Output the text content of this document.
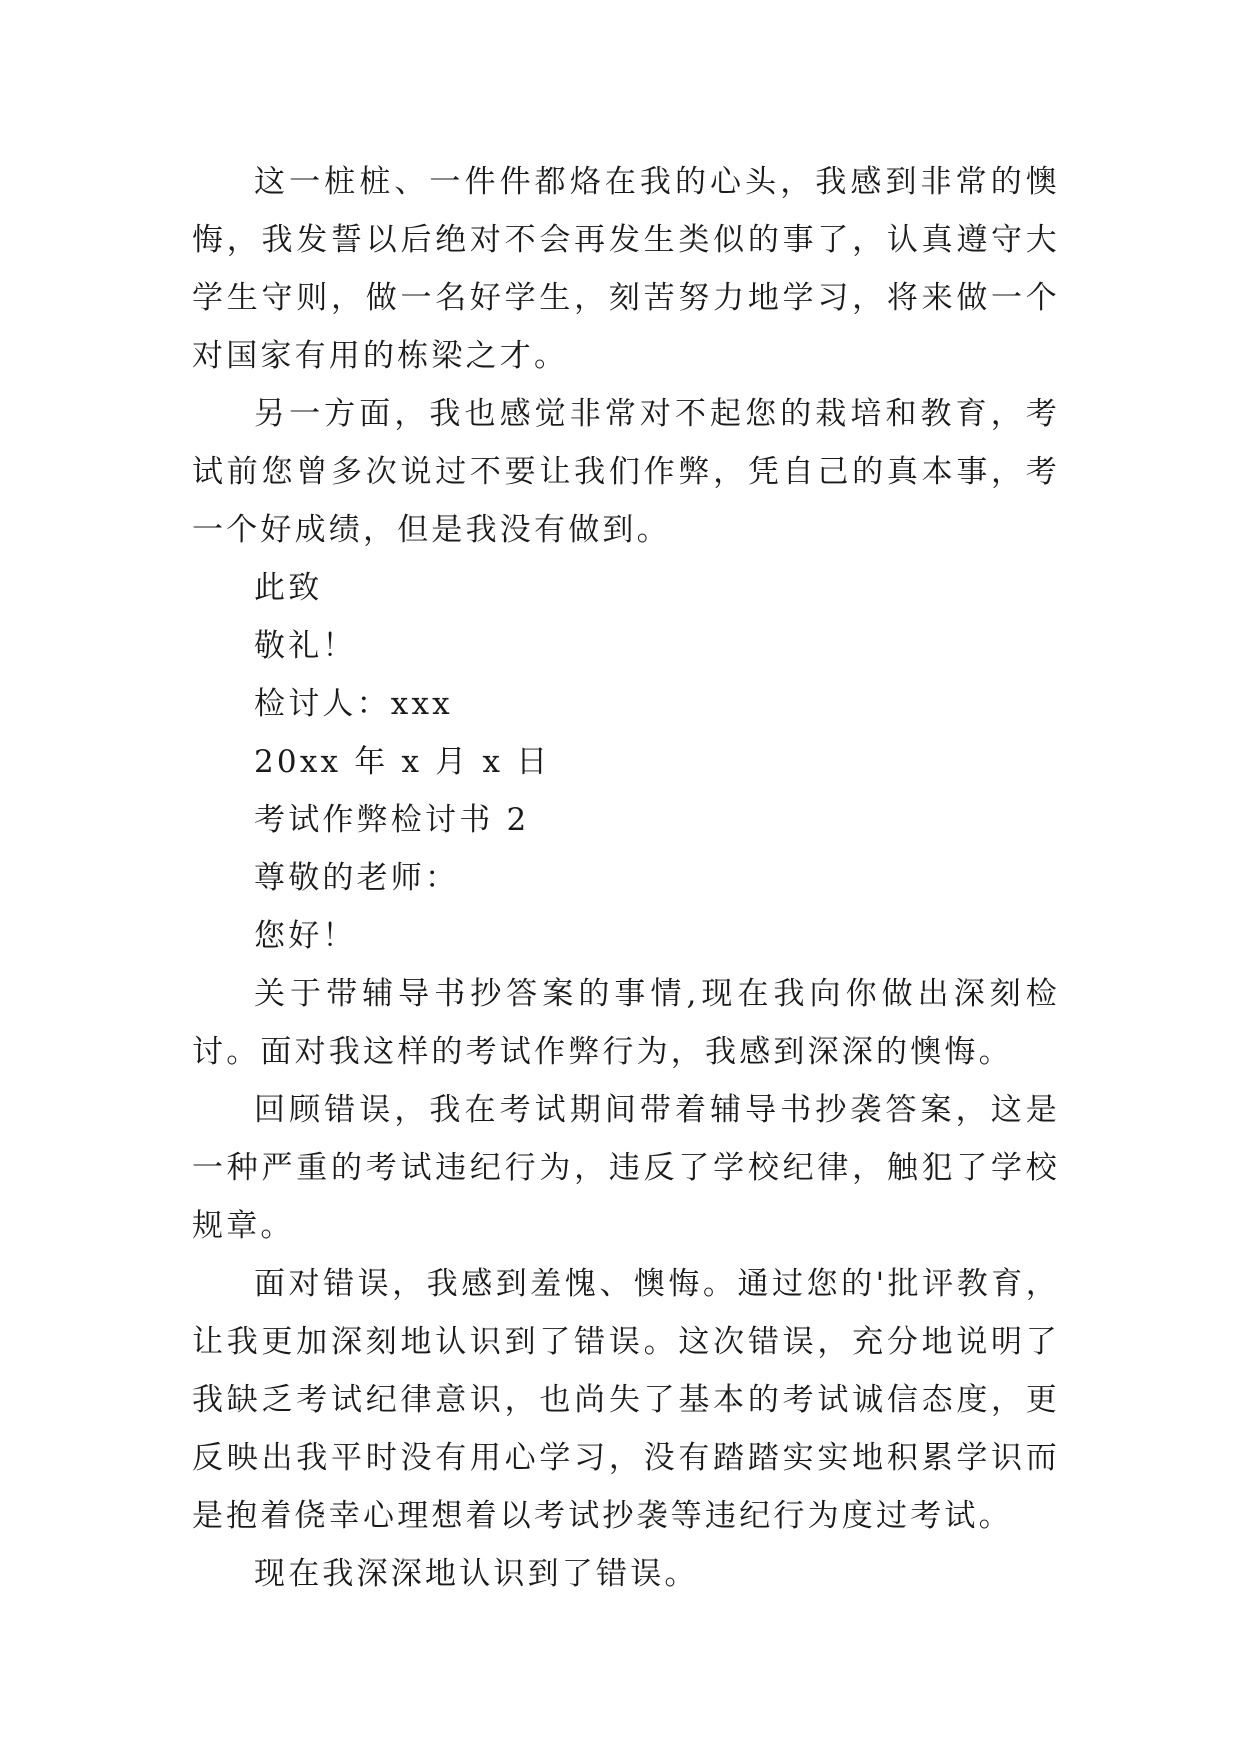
这一桩桩、一件件都烙在我的心头，我感到非常的懊悔，我发誓以后绝对不会再发生类似的事了，认真遵守大学生守则，做一名好学生，刻苦努力地学习，将来做一个对国家有用的栋梁之才。

另一方面，我也感觉非常对不起您的栽培和教育，考试前您曾多次说过不要让我们作弊，凭自己的真本事，考一个好成绩，但是我没有做到。

此致

敬礼！

检讨人：xxx

20xx 年 x 月 x 日

考试作弊检讨书 2

尊敬的老师：

您好！

关于带辅导书抄答案的事情,现在我向你做出深刻检讨。面对我这样的考试作弊行为，我感到深深的懊悔。

回顾错误，我在考试期间带着辅导书抄袭答案，这是一种严重的考试违纪行为，违反了学校纪律，触犯了学校规章。

面对错误，我感到羞愧、懊悔。通过您的'批评教育，让我更加深刻地认识到了错误。这次错误，充分地说明了我缺乏考试纪律意识，也尚失了基本的考试诚信态度，更反映出我平时没有用心学习，没有踏踏实实地积累学识而是抱着侥幸心理想着以考试抄袭等违纪行为度过考试。

现在我深深地认识到了错误。
